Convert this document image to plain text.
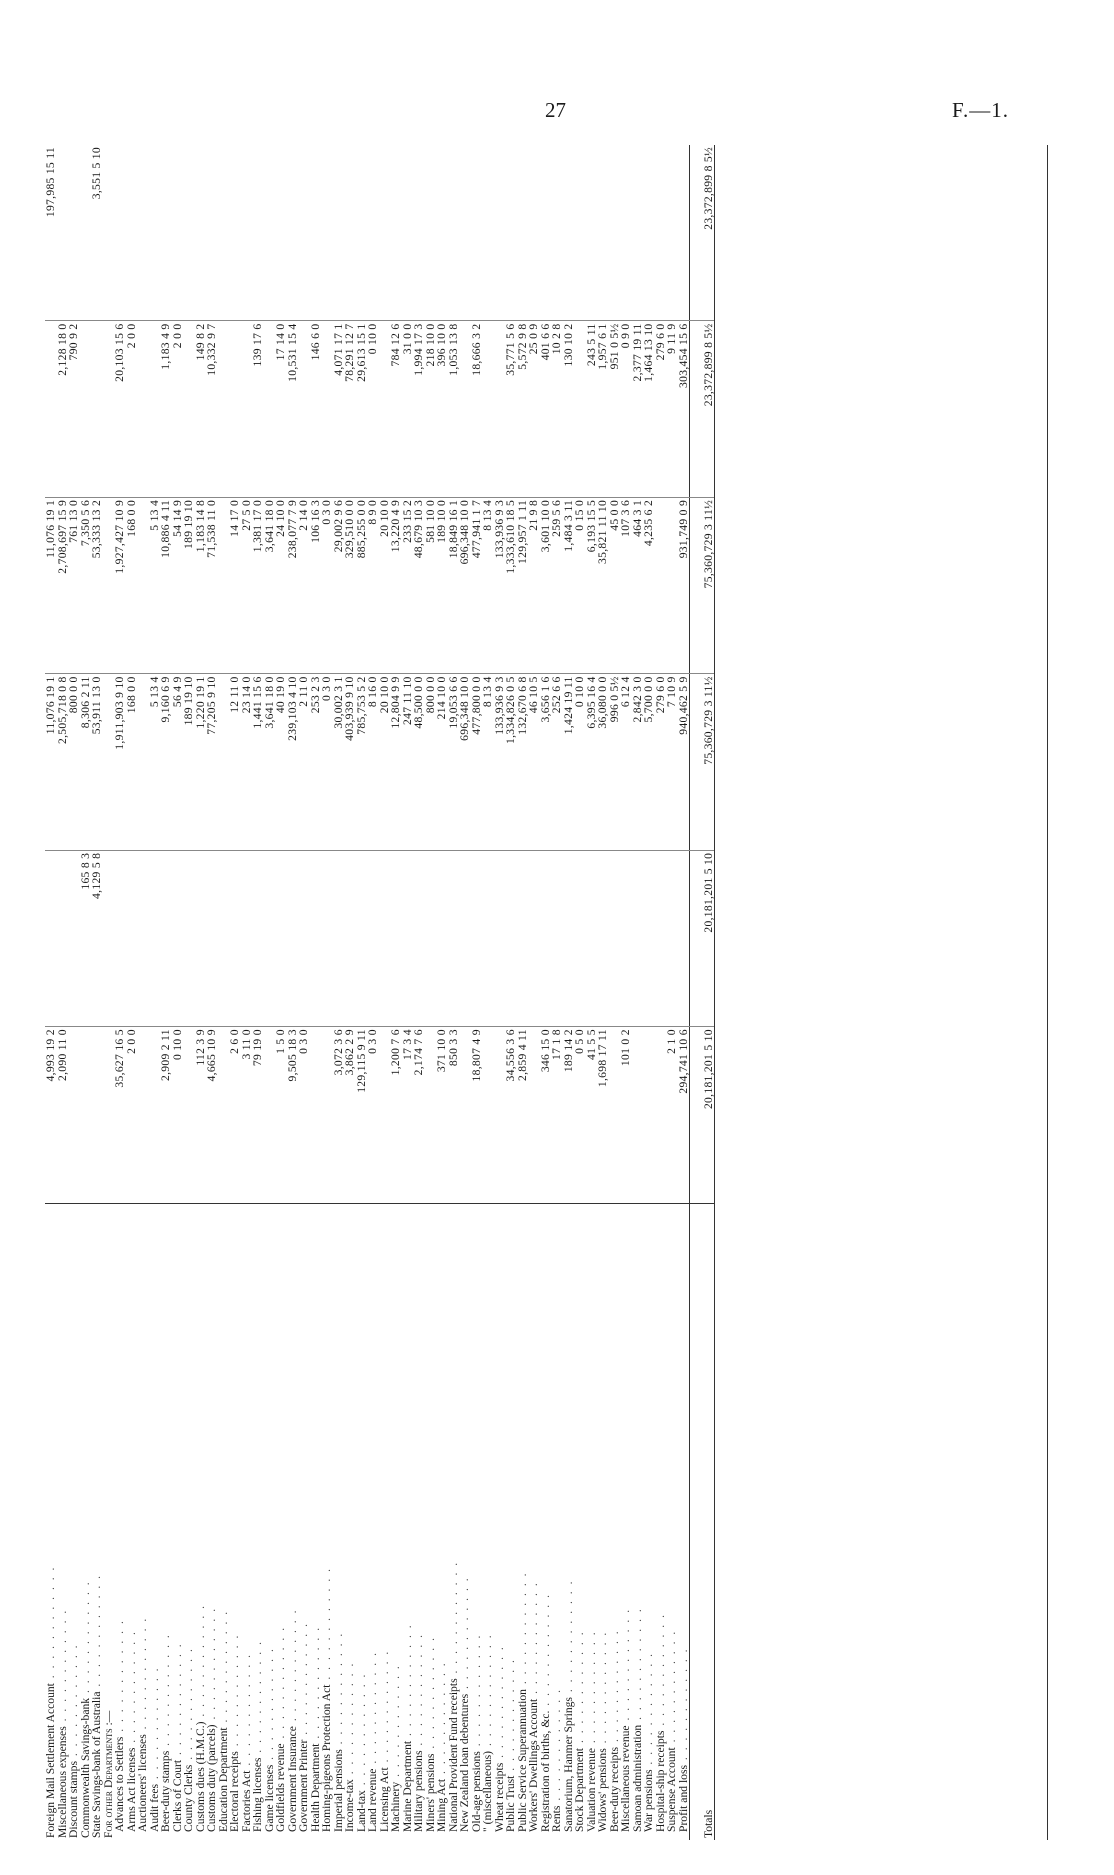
27	F.—1.
Foreign Mail Settlement Account . . . . . . . . . . . .	4,993 19 2		11,076 19 1	11,076 19 1		197,985 15 11
Miscellaneous expenses . . . . . . . . . . . .	2,090 11 0		2,505,718 0 8	2,708,697 15 9	2,128 18 0	
Discount stamps . . . . . . . . . . . .			800 0 0	761 13 0	790 9 2	
Commonwealth Savings-bank . . . . . . . . . . . .		165 8 3	8,306 2 11	7,350 5 6		
State Savings-bank of Australia . . . . . . . . . . . .		4,129 5 8	53,911 13 0	53,333 13 2		3,551 5 10
For other Departments :—						
Advances to Settlers . . . . . . . . . . . .	35,627 16 5		1,911,903 9 10	1,927,427 10 9	20,103 15 6	
Arms Act licenses . . . . . . . . . . . .	2 0 0		168 0 0	168 0 0	2 0 0	
Auctioneers' licenses . . . . . . . . . . . .						
Audit fees . . . . . . . . . . . .			5 13 4	5 13 4		
Beer-duty stamps . . . . . . . . . . . .	2,909 2 11		9,160 6 9	10,886 4 11	1,183 4 9	
Clerks of Court . . . . . . . . . . . .	0 10 0		56 4 9	54 14 9	2 0 0	
County Clerks . . . . . . . . . . . .			189 19 10	189 19 10		
Customs dues (H.M.C.) . . . . . . . . . . . .	112 3 9		1,220 19 1	1,183 14 8	149 8 2	
Customs duty (parcels) . . . . . . . . . . . .	4,665 10 9		77,205 9 10	71,538 11 0	10,332 9 7	
Education Department . . . . . . . . . . . .						
Electoral receipts . . . . . . . . . . . .	2 6 0		12 11 0	14 17 0		
Factories Act . . . . . . . . . . . .	3 11 0		23 14 0	27 5 0		
Fishing licenses . . . . . . . . . . . .	79 19 0		1,441 15 6	1,381 17 0	139 17 6	
Game licenses . . . . . . . . . . . .			3,641 18 0	3,641 18 0		
Goldfields revenue . . . . . . . . . . . .	1 5 0		40 19 0	24 10 0	17 14 0	
Government Insurance . . . . . . . . . . . .	9,505 18 3		239,103 4 10	238,077 7 9	10,531 15 4	
Government Printer . . . . . . . . . . . .	0 3 0		2 11 0	2 14 0		
Health Department . . . . . . . . . . . .			253 2 3	106 16 3	146 6 0	
Homing-pigeons Protection Act . . . . . . . . . . . .			0 3 0	0 3 0		
Imperial pensions . . . . . . . . . . . .	3,072 3 6		30,002 3 1	29,002 9 6	4,071 17 1	
Income-tax . . . . . . . . . . . .	3,862 2 9		403,939 9 10	329,510 0 0	78,291 12 7	
Land-tax . . . . . . . . . . . .	129,115 9 11		785,753 5 2	885,255 0 0	29,613 15 1	
Land revenue . . . . . . . . . . . .	0 3 0		8 16 0	8 9 0	0 10 0	
Licensing Act . . . . . . . . . . . .			20 10 0	20 10 0		
Machinery . . . . . . . . . . . .	1,200 7 6		12,804 9 9	13,220 4 9	784 12 6	
Marine Department . . . . . . . . . . . .	17 3 4		247 11 10	233 15 2	31 0 0	
Military pensions . . . . . . . . . . . .	2,174 7 6		48,500 0 0	48,679 10 3	1,994 17 3	
Miners' pensions . . . . . . . . . . . .			800 0 0	581 10 0	218 10 0	
Mining Act . . . . . . . . . . . .	371 10 0		214 10 0	189 10 0	396 10 0	
National Provident Fund receipts . . . . . . . . . . . .	850 3 3		19,053 6 6	18,849 16 1	1,053 13 8	
New Zealand loan debentures . . . . . . . . . . . .			696,348 10 0	696,348 10 0		
Old-age pensions . . . . . . . . . . . .	18,807 4 9		477,800 0 0	477,941 1 7	18,666 3 2	
" (miscellaneous) . . . . . . . . . . . .			8 13 4	8 13 4		
Wheat receipts . . . . . . . . . . . .			133,936 9 3	133,936 9 3		
Public Trust . . . . . . . . . . . .	34,556 3 6		1,334,826 0 5	1,333,610 18 5	35,771 5 6	
Public Service Superannuation . . . . . . . . . . . .	2,859 4 11		132,670 6 8	129,957 1 11	5,572 9 8	
Workers' Dwellings Account . . . . . . . . . . . .			46 10 5	21 9 8	25 0 9	
Registration of births, &c. . . . . . . . . . . . .	346 15 0		3,656 1 6	3,601 10 0	401 6 6	
Rents . . . . . . . . . . . .	17 1 8		252 6 6	259 5 6	10 2 8	
Sanatorium, Hanmer Springs . . . . . . . . . . . .	189 14 2		1,424 19 11	1,484 3 11	130 10 2	
Stock Department . . . . . . . . . . . .	0 5 0		0 10 0	0 15 0		
Valuation revenue . . . . . . . . . . . .	41 5 5		6,395 16 4	6,193 15 5	243 5 11	
Widows' pensions . . . . . . . . . . . .	1,698 17 11		36,080 0 0	35,821 11 10	1,957 6 1	
Beer-duty receipts . . . . . . . . . . . .			996 0 5½	45 0 0	951 0 5½	
Miscellaneous revenue . . . . . . . . . . . .	101 0 2		6 12 4	107 3 6	0 9 0	
Samoan administration . . . . . . . . . . . .			2,842 3 0	464 3 1	2,377 19 11	
War pensions . . . . . . . . . . . .			5,700 0 0	4,235 6 2	1,464 13 10	
Hospital-ship receipts . . . . . . . . . . . .			279 6 0		279 6 0	
Suspense Account . . . . . . . . . . . .	2 1 0		7 10 9		9 11 9	
Profit and loss . . . . . . . . . . . .	294,741 10 6		940,462 5 9	931,749 0 9	303,454 15 6	
Totals	20,181,201 5 10	20,181,201 5 10	75,360,729 3 11½	75,360,729 3 11½	23,372,899 8 5½	23,372,899 8 5½
